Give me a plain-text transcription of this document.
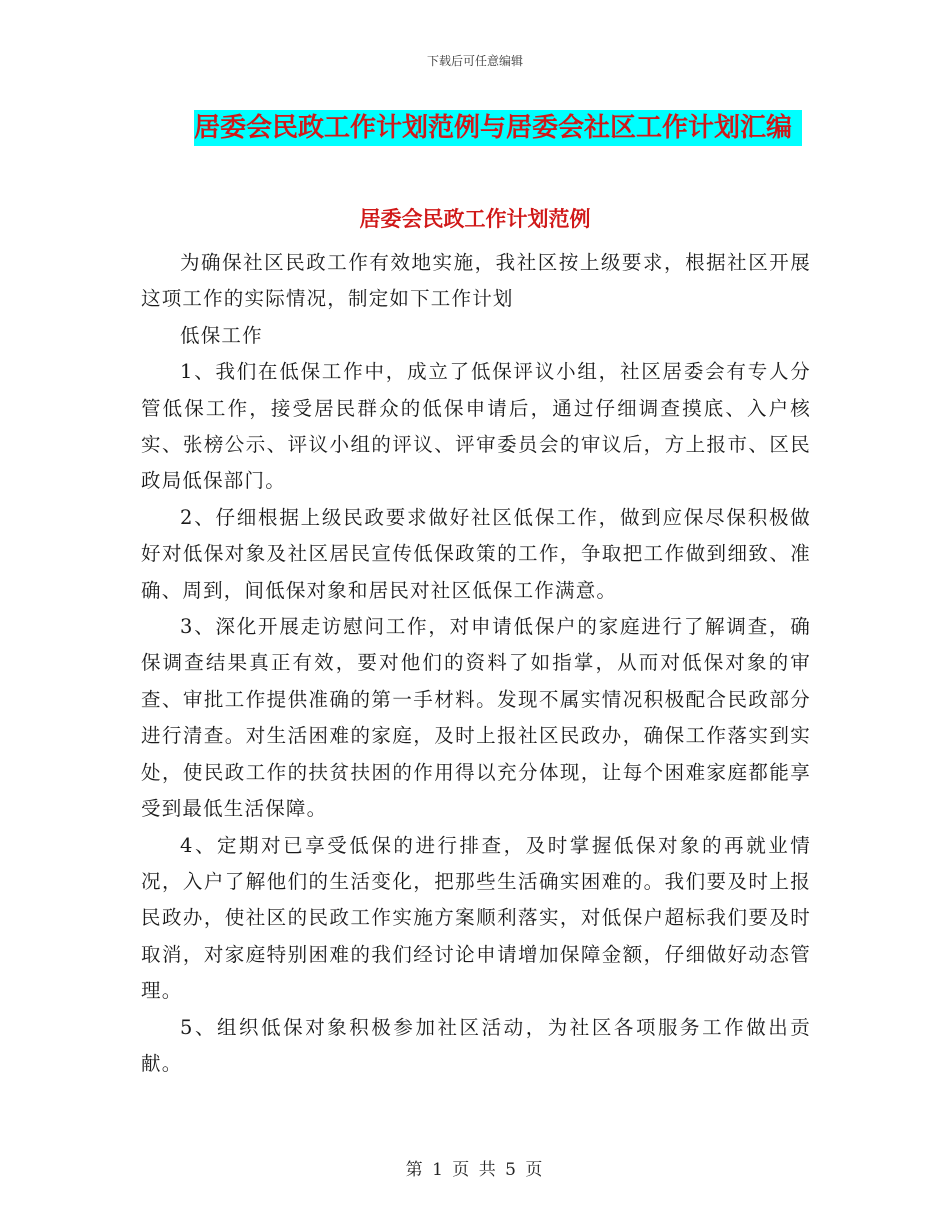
下载后可任意编辑
居委会民政工作计划范例与居委会社区工作计划汇编
居委会民政工作计划范例

为确保社区民政工作有效地实施，我社区按上级要求，根据社区开展这项工作的实际情况，制定如下工作计划

低保工作

1、我们在低保工作中，成立了低保评议小组，社区居委会有专人分管低保工作，接受居民群众的低保申请后，通过仔细调查摸底、入户核实、张榜公示、评议小组的评议、评审委员会的审议后，方上报市、区民政局低保部门。

2、仔细根据上级民政要求做好社区低保工作，做到应保尽保积极做好对低保对象及社区居民宣传低保政策的工作，争取把工作做到细致、准确、周到，间低保对象和居民对社区低保工作满意。

3、深化开展走访慰问工作，对申请低保户的家庭进行了解调查，确保调查结果真正有效，要对他们的资料了如指掌，从而对低保对象的审查、审批工作提供准确的第一手材料。发现不属实情况积极配合民政部分进行清查。对生活困难的家庭，及时上报社区民政办，确保工作落实到实处，使民政工作的扶贫扶困的作用得以充分体现，让每个困难家庭都能享受到最低生活保障。

4、定期对已享受低保的进行排查，及时掌握低保对象的再就业情况，入户了解他们的生活变化，把那些生活确实困难的。我们要及时上报民政办，使社区的民政工作实施方案顺利落实，对低保户超标我们要及时取消，对家庭特别困难的我们经讨论申请增加保障金额，仔细做好动态管理。

5、组织低保对象积极参加社区活动，为社区各项服务工作做出贡献。

第 1 页 共 5 页
